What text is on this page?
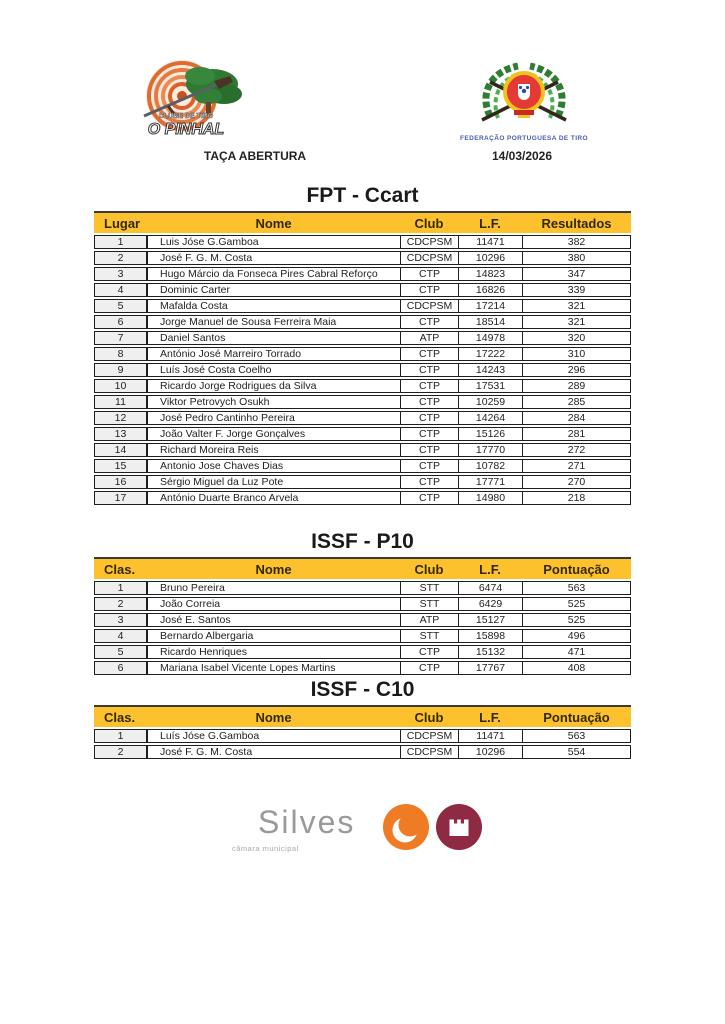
CLUBE DE TIRO
O PINHAL
FEDERAÇÃO PORTUGUESA DE TIRO
TAÇA ABERTURA	14/03/2026
FPT - Ccart
Lugar	Nome	Club	L.F.	Resultados
1	Luis Jóse G.Gamboa	CDCPSM	11471	382
2	José F. G. M. Costa	CDCPSM	10296	380
3	Hugo Márcio da Fonseca Pires Cabral Reforço	CTP	14823	347
4	Dominic Carter	CTP	16826	339
5	Mafalda Costa	CDCPSM	17214	321
6	Jorge Manuel de Sousa Ferreira Maia	CTP	18514	321
7	Daniel Santos	ATP	14978	320
8	António José Marreiro Torrado	CTP	17222	310
9	Luís José Costa Coelho	CTP	14243	296
10	Ricardo Jorge Rodrigues da Silva	CTP	17531	289
11	Viktor Petrovych Osukh	CTP	10259	285
12	José Pedro Cantinho Pereira	CTP	14264	284
13	João Valter F. Jorge Gonçalves	CTP	15126	281
14	Richard Moreira Reis	CTP	17770	272
15	Antonio Jose Chaves Dias	CTP	10782	271
16	Sérgio Miguel da Luz Pote	CTP	17771	270
17	António Duarte Branco Arvela	CTP	14980	218
ISSF - P10
Clas.	Nome	Club	L.F.	Pontuação
1	Bruno Pereira	STT	6474	563
2	João Correia	STT	6429	525
3	José E. Santos	ATP	15127	525
4	Bernardo Albergaria	STT	15898	496
5	Ricardo Henriques	CTP	15132	471
6	Mariana Isabel Vicente Lopes Martins	CTP	17767	408
ISSF - C10
Clas.	Nome	Club	L.F.	Pontuação
1	Luís Jóse G.Gamboa	CDCPSM	11471	563
2	José F. G. M. Costa	CDCPSM	10296	554
Silves
câmara municipal
